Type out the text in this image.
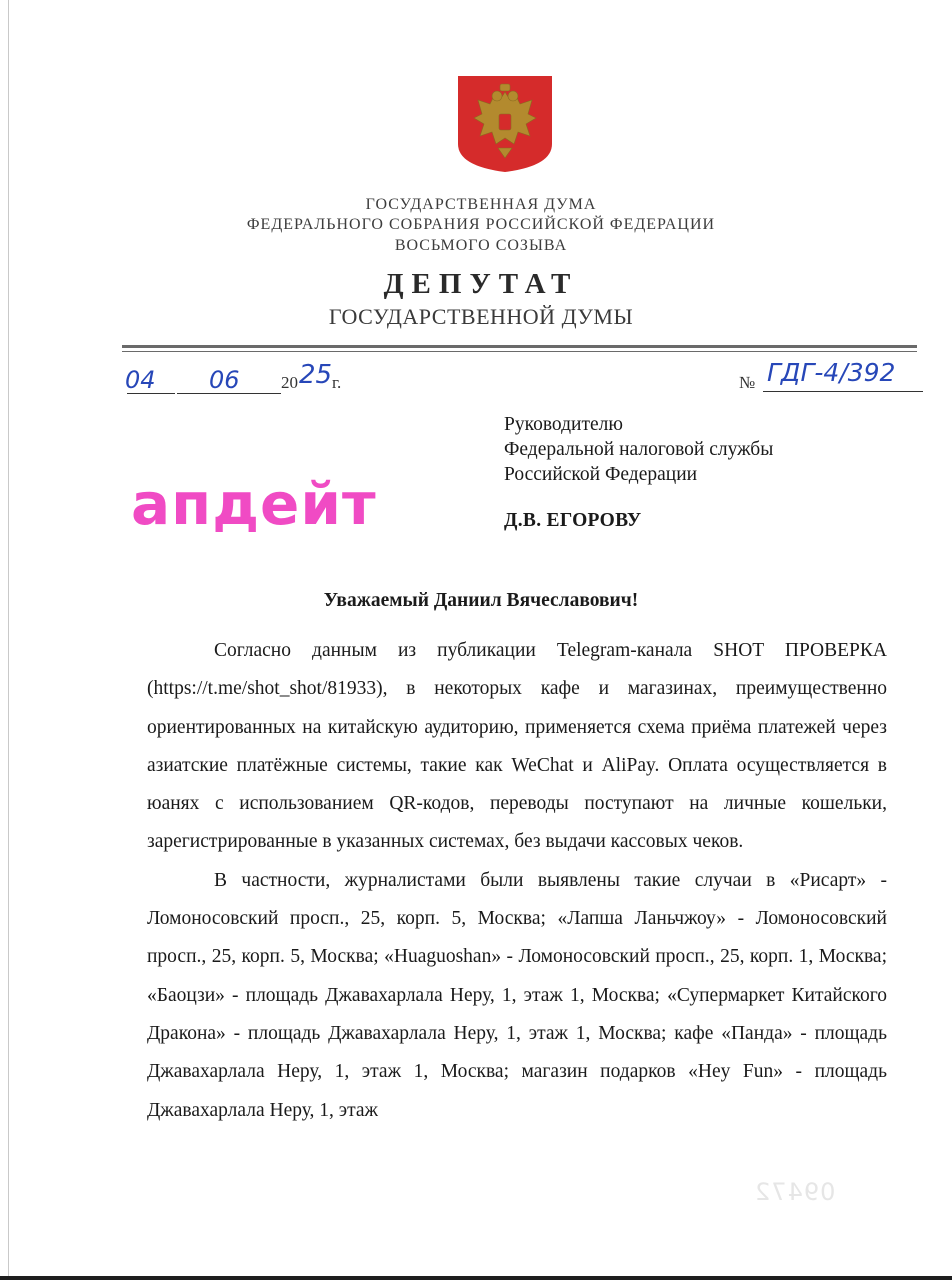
ГОСУДАРСТВЕННАЯ ДУМА
ФЕДЕРАЛЬНОГО СОБРАНИЯ РОССИЙСКОЙ ФЕДЕРАЦИИ
ВОСЬМОГО СОЗЫВА
ДЕПУТАТ
ГОСУДАРСТВЕННОЙ ДУМЫ
04 06 20 25 г.	№ ГДГ-4/392
Руководителю
Федеральной налоговой службы
Российской Федерации
Д.В. ЕГОРОВУ
апдейт
Уважаемый Даниил Вячеславович!

Согласно данным из публикации Telegram-канала SHOT ПРОВЕРКА (https://t.me/shot_shot/81933), в некоторых кафе и магазинах, преимущественно ориентированных на китайскую аудиторию, применяется схема приёма платежей через азиатские платёжные системы, такие как WeChat и AliPay. Оплата осуществляется в юанях с использованием QR-кодов, переводы поступают на личные кошельки, зарегистрированные в указанных системах, без выдачи кассовых чеков.

В частности, журналистами были выявлены такие случаи в «Рисарт» - Ломоносовский просп., 25, корп. 5, Москва; «Лапша Ланьчжоу» - Ломоносовский просп., 25, корп. 5, Москва; «Huaguoshan» - Ломоносовский просп., 25, корп. 1, Москва; «Баоцзи» - площадь Джавахарлала Неру, 1, этаж 1, Москва; «Супермаркет Китайского Дракона» - площадь Джавахарлала Неру, 1, этаж 1, Москва; кафе «Панда» - площадь Джавахарлала Неру, 1, этаж 1, Москва; магазин подарков «Hey Fun» - площадь Джавахарлала Неру, 1, этаж

09472
